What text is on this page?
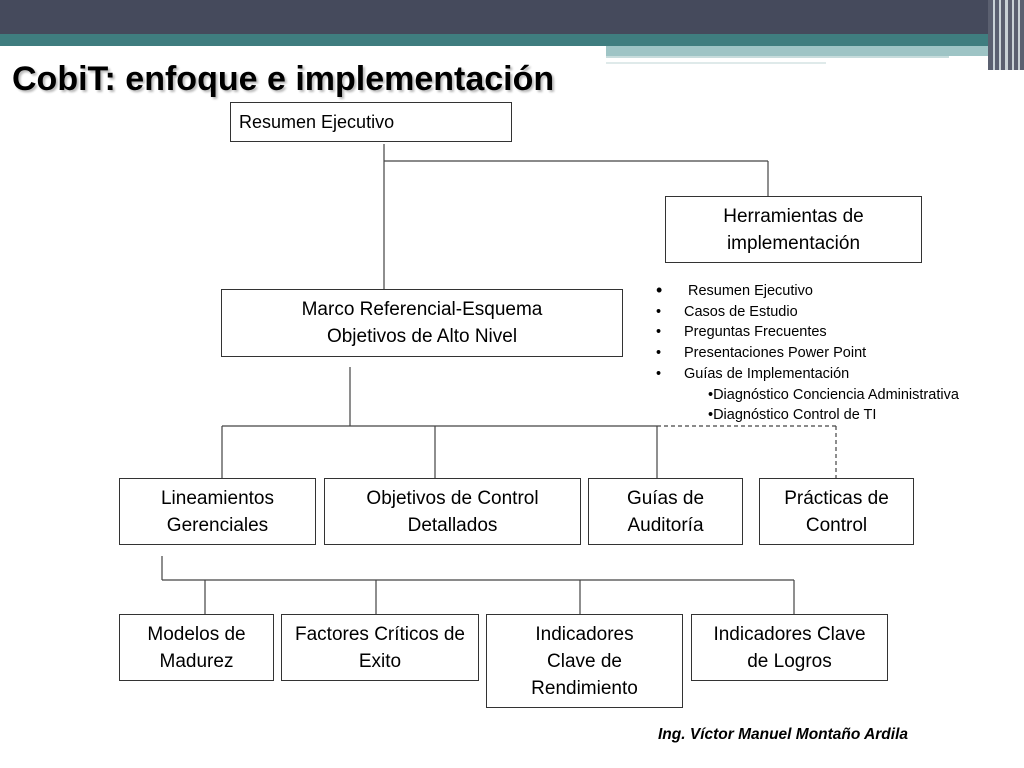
CobiT: enfoque e implementación
Resumen Ejecutivo
Herramientas de implementación
Marco Referencial-Esquema
Objetivos de Alto Nivel
Lineamientos Gerenciales
Objetivos de Control Detallados
Guías de Auditoría
Prácticas de Control
Modelos de Madurez
Factores Críticos de Exito
Indicadores Clave de Rendimiento
Indicadores Clave de Logros
• Resumen Ejecutivo
• Casos de Estudio
• Preguntas Frecuentes
• Presentaciones Power Point
• Guías de Implementación
•Diagnóstico Conciencia Administrativa
•Diagnóstico Control de TI
Ing. Víctor Manuel Montaño Ardila
